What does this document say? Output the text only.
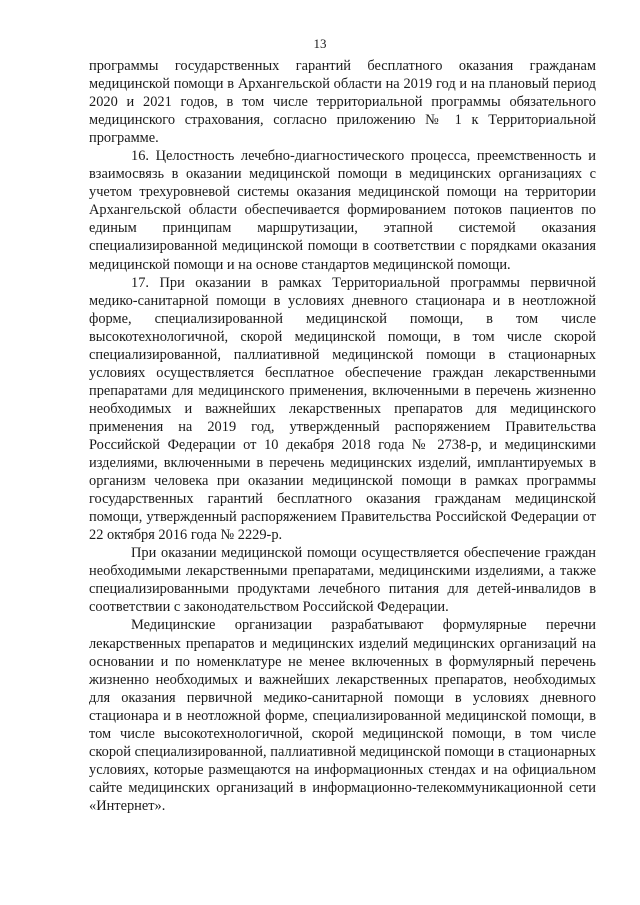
13

программы государственных гарантий бесплатного оказания гражданам медицинской помощи в Архангельской области на 2019 год и на плановый период 2020 и 2021 годов, в том числе территориальной программы обязательного медицинского страхования, согласно приложению № 1 к Территориальной программе.

16. Целостность лечебно-диагностического процесса, преемственность и взаимосвязь в оказании медицинской помощи в медицинских организациях с учетом трехуровневой системы оказания медицинской помощи на территории Архангельской области обеспечивается формированием потоков пациентов по единым принципам маршрутизации, этапной системой оказания специализированной медицинской помощи в соответствии с порядками оказания медицинской помощи и на основе стандартов медицинской помощи.

17. При оказании в рамках Территориальной программы первичной медико-санитарной помощи в условиях дневного стационара и в неотложной форме, специализированной медицинской помощи, в том числе высокотехнологичной, скорой медицинской помощи, в том числе скорой специализированной, паллиативной медицинской помощи в стационарных условиях осуществляется бесплатное обеспечение граждан лекарственными препаратами для медицинского применения, включенными в перечень жизненно необходимых и важнейших лекарственных препаратов для медицинского применения на 2019 год, утвержденный распоряжением Правительства Российской Федерации от 10 декабря 2018 года № 2738-р, и медицинскими изделиями, включенными в перечень медицинских изделий, имплантируемых в организм человека при оказании медицинской помощи в рамках программы государственных гарантий бесплатного оказания гражданам медицинской помощи, утвержденный распоряжением Правительства Российской Федерации от 22 октября 2016 года № 2229-р.

При оказании медицинской помощи осуществляется обеспечение граждан необходимыми лекарственными препаратами, медицинскими изделиями, а также специализированными продуктами лечебного питания для детей-инвалидов в соответствии с законодательством Российской Федерации.

Медицинские организации разрабатывают формулярные перечни лекарственных препаратов и медицинских изделий медицинских организаций на основании и по номенклатуре не менее включенных в формулярный перечень жизненно необходимых и важнейших лекарственных препаратов, необходимых для оказания первичной медико-санитарной помощи в условиях дневного стационара и в неотложной форме, специализированной медицинской помощи, в том числе высокотехнологичной, скорой медицинской помощи, в том числе скорой специализированной, паллиативной медицинской помощи в стационарных условиях, которые размещаются на информационных стендах и на официальном сайте медицинских организаций в информационно-телекоммуникационной сети «Интернет».
